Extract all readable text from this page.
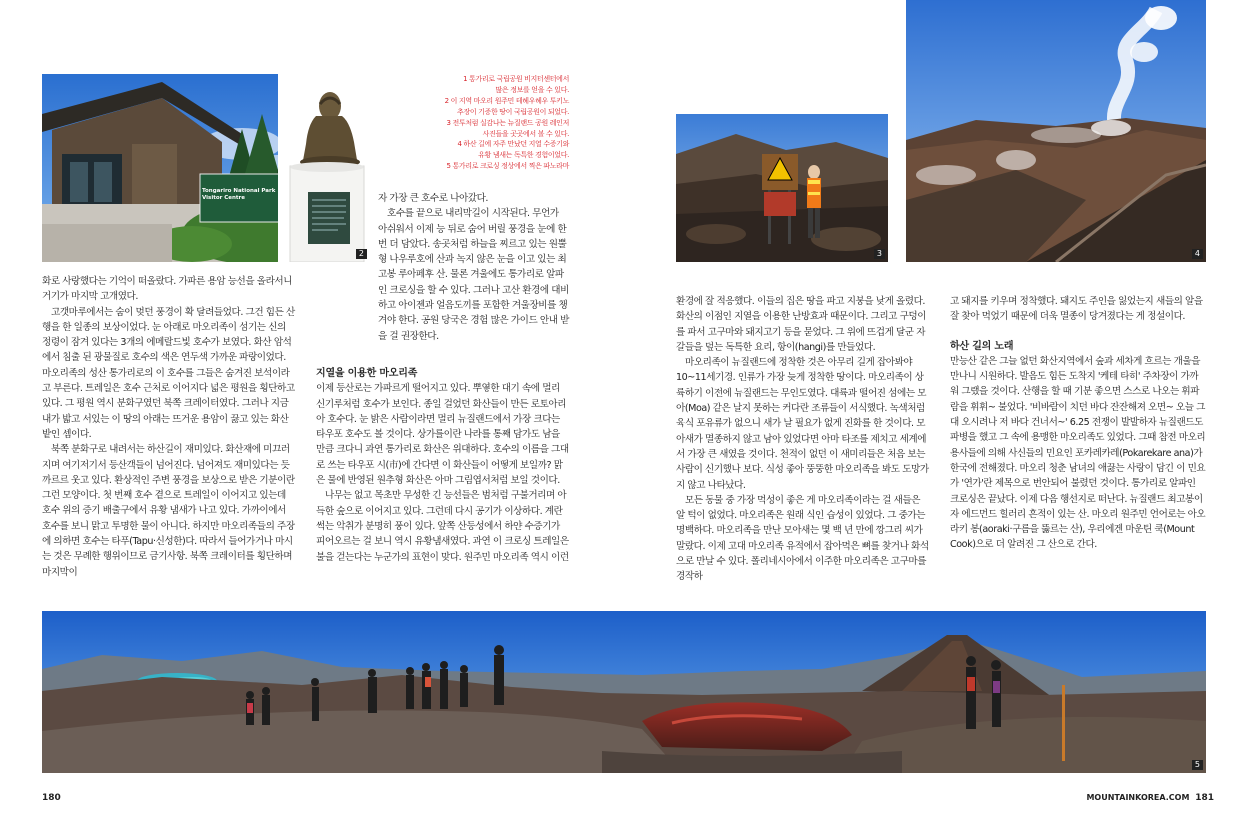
Tongariro National Park
Visitor Centre
2
1 통가리로 국립공원 비지터센터에서
많은 정보를 얻을 수 있다.
2 이 지역 마오리 원주민 테헤우헤우 투키노
추장이 기증한 땅이 국립공원이 되었다.
3 전투처럼 실감나는 뉴질랜드 공원 레인저
사진들을 곳곳에서 볼 수 있다.
4 하산 길에 자주 만났던 지열 수증기와
유황 냄새는 독특한 경험이었다.
5 통가리로 크로싱 정상에서 찍은 파노라마
3	4

화로 사랑했다는 기억이 떠올랐다. 가파른 용암 능선을 올라서니 거기가 마지막 고개였다.

고갯마루에서는 숨이 멎던 풍경이 확 달려들었다. 그건 힘든 산행을 한 일종의 보상이었다. 눈 아래로 마오리족이 섬기는 신의 정령이 잠겨 있다는 3개의 에메랄드빛 호수가 보였다. 화산 암석에서 침출 된 광물질로 호수의 색은 연두색 가까운 파랑이었다. 마오리족의 성산 통가리로의 이 호수를 그들은 숨겨진 보석이라고 부른다. 트레일은 호수 근처로 이어지다 넓은 평원을 횡단하고 있다. 그 평원 역시 분화구였던 북쪽 크레이터였다. 그러나 지금 내가 밟고 서있는 이 땅의 아래는 뜨거운 용암이 끓고 있는 화산밭인 셈이다.

북쪽 분화구로 내려서는 하산길이 재미있다. 화산재에 미끄러지며 여기저기서 등산객들이 넘어진다. 넘어져도 재미있다는 듯 까르르 웃고 있다. 환상적인 주변 풍경을 보상으로 받은 기분이란 그런 모양이다. 첫 번째 호수 곁으로 트레일이 이어지고 있는데 호수 위의 증기 배출구에서 유황 냄새가 나고 있다. 가까이에서 호수를 보니 맑고 투명한 물이 아니다. 하지만 마오리족들의 주장에 의하면 호수는 타푸(Tapu·신성한)다. 따라서 들어가거나 마시는 것은 무례한 행위이므로 금기사항. 북쪽 크레이터를 횡단하며 마지막이

자 가장 큰 호수로 나아갔다.

호수를 끝으로 내리막길이 시작된다. 무언가 아쉬워서 이제 능 뒤로 숨어 버릴 풍경을 눈에 한 번 더 담았다. 송곳처럼 하늘을 찌르고 있는 원뿔형 나우루호에 산과 녹지 않은 눈을 이고 있는 최고봉 루아페후 산. 물론 겨울에도 통가리로 알파인 크로싱을 할 수 있다. 그러나 고산 환경에 대비하고 아이젠과 얼음도끼를 포함한 겨울장비를 챙겨야 한다. 공원 당국은 경험 많은 가이드 안내 받을 걸 권장한다.

지열을 이용한 마오리족

이제 등산로는 가파르게 떨어지고 있다. 뿌옇한 대기 속에 멀리 신기루처럼 호수가 보인다. 종일 걸었던 화산들이 만든 로토아리아 호수다. 눈 밝은 사람이라면 멀리 뉴질랜드에서 가장 크다는 타우포 호수도 볼 것이다. 상가를이란 나라를 통째 담가도 남을 만큼 크다니 과연 통가리로 화산은 위대하다. 호수의 이름을 그대로 쓰는 타우포 시(市)에 간다면 이 화산들이 어떻게 보일까? 맑은 물에 반영된 원추형 화산은 아마 그림엽서처럼 보일 것이다.

나무는 없고 목초만 무성한 긴 능선들은 범처럼 구불거리며 아득한 숲으로 이어지고 있다. 그런데 다시 공기가 이상하다. 계란 썩는 악취가 분명히 풍이 있다. 앞쪽 산등성에서 하얀 수증기가 피어오르는 걸 보니 역시 유황냄새였다. 과연 이 크로싱 트레일은 불을 걷는다는 누군가의 표현이 맞다. 원주민 마오리족 역시 이런

환경에 잘 적응했다. 이들의 집은 땅을 파고 지붕을 낮게 올렸다. 화산의 이점인 지열을 이용한 난방효과 때문이다. 그리고 구덩이를 파서 고구마와 돼지고기 등을 묻었다. 그 위에 뜨겁게 달군 자갈들을 덮는 독특한 요리, 항이(hangi)를 만들었다.

마오리족이 뉴질랜드에 정착한 것은 아무리 길게 잡아봐야 10~11세기경. 인류가 가장 늦게 정착한 땅이다. 마오리족이 상륙하기 이전에 뉴질랜드는 무인도였다. 대륙과 떨어진 섬에는 모아(Moa) 같은 날지 못하는 커다란 조류들이 서식했다. 녹색처럼 육식 포유류가 없으니 새가 날 필요가 없게 진화를 한 것이다. 모아새가 멸종하지 않고 남아 있었다면 아마 타조를 제치고 세계에서 가장 큰 새였을 것이다. 천적이 없던 이 새미리들은 처음 보는 사람이 신기했나 보다. 식성 좋아 뚱뚱한 마오리족을 봐도 도망가지 않고 나타났다.

모든 동물 중 가장 먹성이 좋은 게 마오리족이라는 걸 새들은 알 턱이 없었다. 마오리족은 원래 식인 습성이 있었다. 그 중가는 명백하다. 마오리족을 만난 모아새는 몇 백 년 만에 깡그리 씨가 말랐다. 이제 고대 마오리족 유적에서 잡아먹은 뼈를 찾거나 화석으로 만날 수 있다. 폴리네시아에서 이주한 마오리족은 고구마를 경작하

고 돼지를 키우며 정착했다. 돼지도 주인을 잃었는지 새들의 알을 잘 찾아 먹었기 때문에 더욱 멸종이 당겨졌다는 게 정설이다.

하산 길의 노래

만능산 같은 그늘 없던 화산지역에서 숲과 세차게 흐르는 개울을 만나니 시원하다. 발음도 힘든 도착지 '케테 타히' 주차장이 가까워 그랬을 것이다. 산행을 할 때 기분 좋으면 스스로 나오는 휘파람을 휘휘~ 불었다. '비바람이 치던 바다 잔잔해져 오면~ 오늘 그대 오시려나 저 바다 건너서~' 6.25 전쟁이 발발하자 뉴질랜드도 파병을 했고 그 속에 용맹한 마오리족도 있었다. 그때 참전 마오리 용사들에 의해 사신들의 민요인 포카레카레(Pokarekare ana)가 한국에 전해졌다. 마오리 청춘 남녀의 애끓는 사랑이 담긴 이 민요가 '연가'란 제목으로 번안되어 불렸던 것이다. 통가리로 알파인 크로싱은 끝났다. 이제 다음 행선지로 떠난다. 뉴질랜드 최고봉이자 에드먼드 힐러리 흔적이 있는 산. 마오리 원주민 언어로는 아오라키 봉(aoraki·구름을 뚫르는 산), 우리에겐 마운틴 쿡(Mount Cook)으로 더 알려진 그 산으로 간다.

5
180	MOUNTAINKOREA.COM 181
